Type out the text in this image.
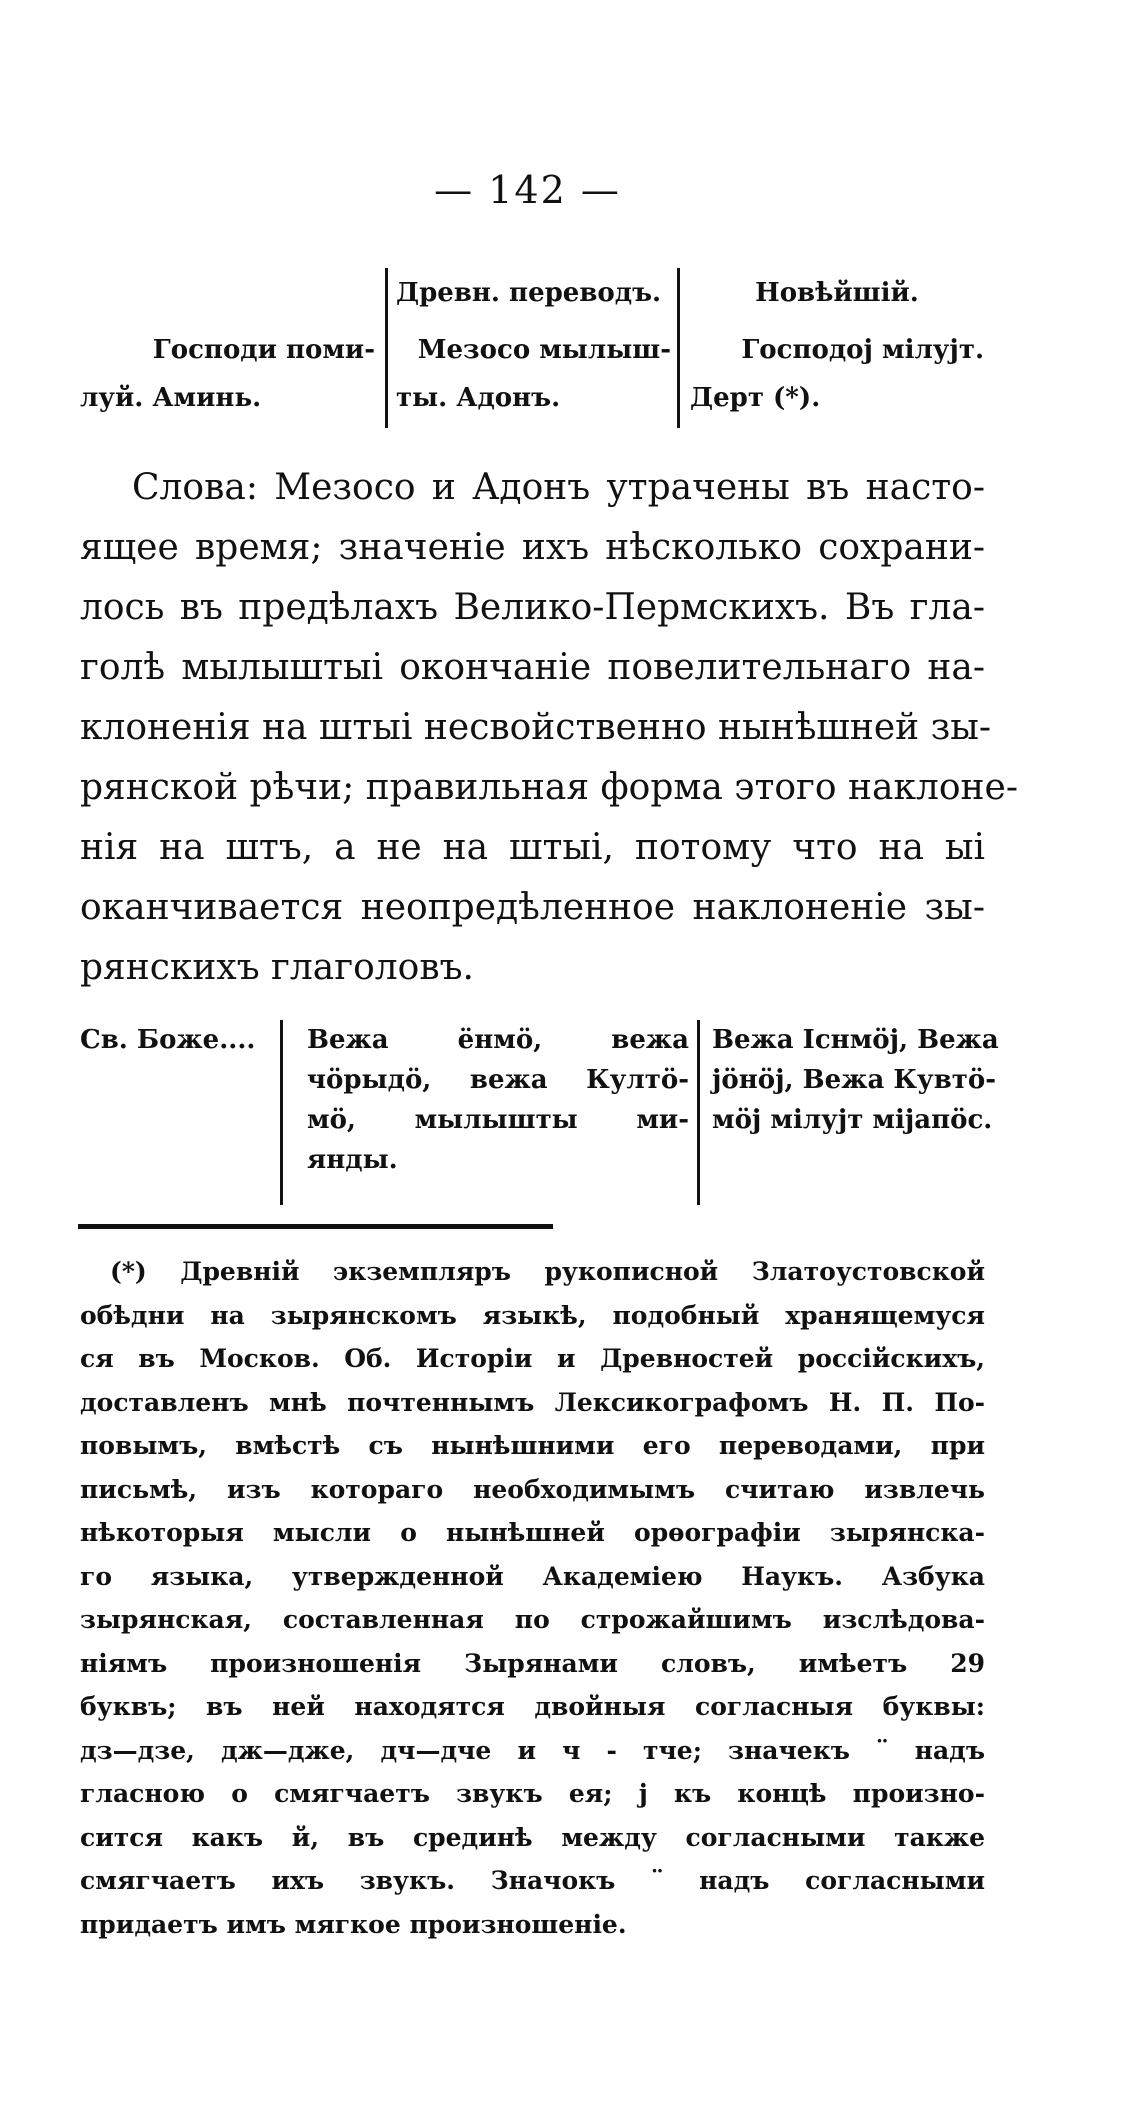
— 142 —
Господи поми-
луй. Аминь.
Древн. переводъ.
Мезосо мылыш-
ты. Адонъ.
Новѣйшій.
Господој мілујт.
Дерт (*).
Слова: Мезосо и Адонъ утрачены въ насто-
ящее время; значеніе ихъ нѣсколько сохрани-
лось въ предѣлахъ Велико-Пермскихъ. Въ гла-
голѣ мылыштыі окончаніе повелительнаго на-
клоненія на штыі несвойственно нынѣшней зы-
рянской рѣчи; правильная форма этого наклоне-
нія на штъ, а не на штыі, потому что на ыі
оканчивается неопредѣленное наклоненіе зы-
рянскихъ глаголовъ.
Св. Боже....	Вежа ёнмö, вежа
чöрыдö, вежа Култö-
мö, мылышты ми-
янды.
Вежа Існмöј, Вежа
јöнöј, Вежа Кувтö-
мöј мілујт міјапöс.
(*) Древній экземпляръ рукописной Златоустовской
обѣдни на зырянскомъ языкѣ, подобный хранящемуся
ся въ Москов. Об. Исторіи и Древностей россійскихъ,
доставленъ мнѣ почтеннымъ Лексикографомъ Н. П. По-
повымъ, вмѣстѣ съ нынѣшними его переводами, при
письмѣ, изъ котораго необходимымъ считаю извлечь
нѣкоторыя мысли о нынѣшней орѳографіи зырянска-
го языка, утвержденной Академіею Наукъ. Азбука
зырянская, составленная по строжайшимъ изслѣдова-
ніямъ произношенія Зырянами словъ, имѣетъ 29
буквъ; въ ней находятся двойныя согласныя буквы:
дз—дзе, дж—дже, дч—дче и ч - тче; значекъ ¨ надъ
гласною о смягчаетъ звукъ ея; ј къ концѣ произно-
сится какъ й, въ срединѣ между согласными также
смягчаетъ ихъ звукъ. Значокъ ¨ надъ согласными
придаетъ имъ мягкое произношеніе.
